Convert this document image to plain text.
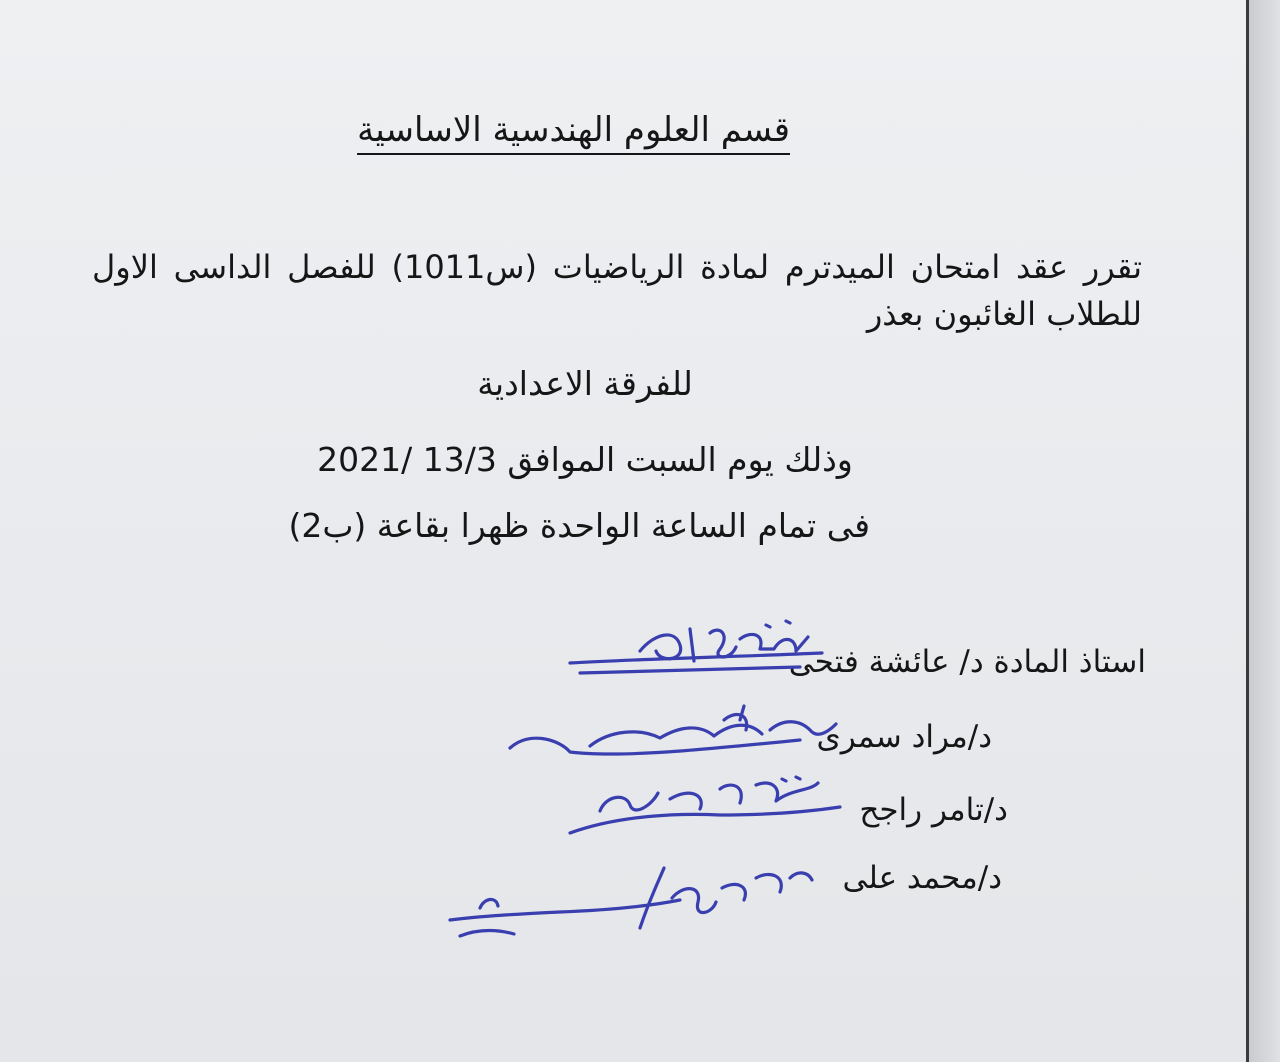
قسم العلوم الهندسية الاساسية
تقرر عقد امتحان الميدترم لمادة الرياضيات (س1011) للفصل الداسى الاول للطلاب الغائبون بعذر
للفرقة الاعدادية
وذلك يوم السبت الموافق 13/3 /2021
فى تمام الساعة الواحدة ظهرا بقاعة (ب2)
استاذ المادة د/ عائشة فتحى
د/مراد سمرى
د/تامر راجح
د/محمد على
